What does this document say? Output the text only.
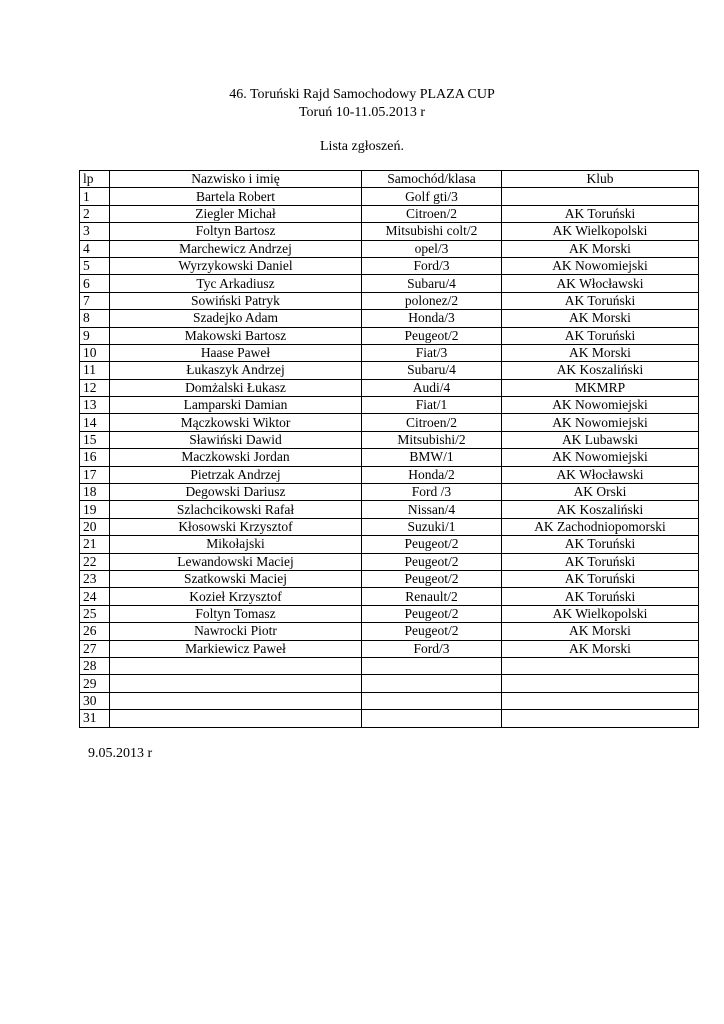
46. Toruński Rajd Samochodowy PLAZA CUP
Toruń 10-11.05.2013 r
Lista zgłoszeń.
lp	Nazwisko i imię	Samochód/klasa	Klub
1	Bartela Robert	Golf gti/3	
2	Ziegler Michał	Citroen/2	AK Toruński
3	Foltyn Bartosz	Mitsubishi colt/2	AK Wielkopolski
4	Marchewicz Andrzej	opel/3	AK Morski
5	Wyrzykowski Daniel	Ford/3	AK Nowomiejski
6	Tyc Arkadiusz	Subaru/4	AK Włocławski
7	Sowiński Patryk	polonez/2	AK Toruński
8	Szadejko Adam	Honda/3	AK Morski
9	Makowski Bartosz	Peugeot/2	AK Toruński
10	Haase Paweł	Fiat/3	AK Morski
11	Łukaszyk Andrzej	Subaru/4	AK Koszaliński
12	Domżalski Łukasz	Audi/4	MKMRP
13	Lamparski Damian	Fiat/1	AK Nowomiejski
14	Mączkowski Wiktor	Citroen/2	AK Nowomiejski
15	Sławiński Dawid	Mitsubishi/2	AK Lubawski
16	Maczkowski Jordan	BMW/1	AK Nowomiejski
17	Pietrzak Andrzej	Honda/2	AK Włocławski
18	Degowski Dariusz	Ford /3	AK Orski
19	Szlachcikowski Rafał	Nissan/4	AK Koszaliński
20	Kłosowski Krzysztof	Suzuki/1	AK Zachodniopomorski
21	Mikołajski	Peugeot/2	AK Toruński
22	Lewandowski Maciej	Peugeot/2	AK Toruński
23	Szatkowski Maciej	Peugeot/2	AK Toruński
24	Kozieł Krzysztof	Renault/2	AK Toruński
25	Foltyn Tomasz	Peugeot/2	AK Wielkopolski
26	Nawrocki Piotr	Peugeot/2	AK Morski
27	Markiewicz Paweł	Ford/3	AK Morski
28			
29			
30			
31			
9.05.2013 r
